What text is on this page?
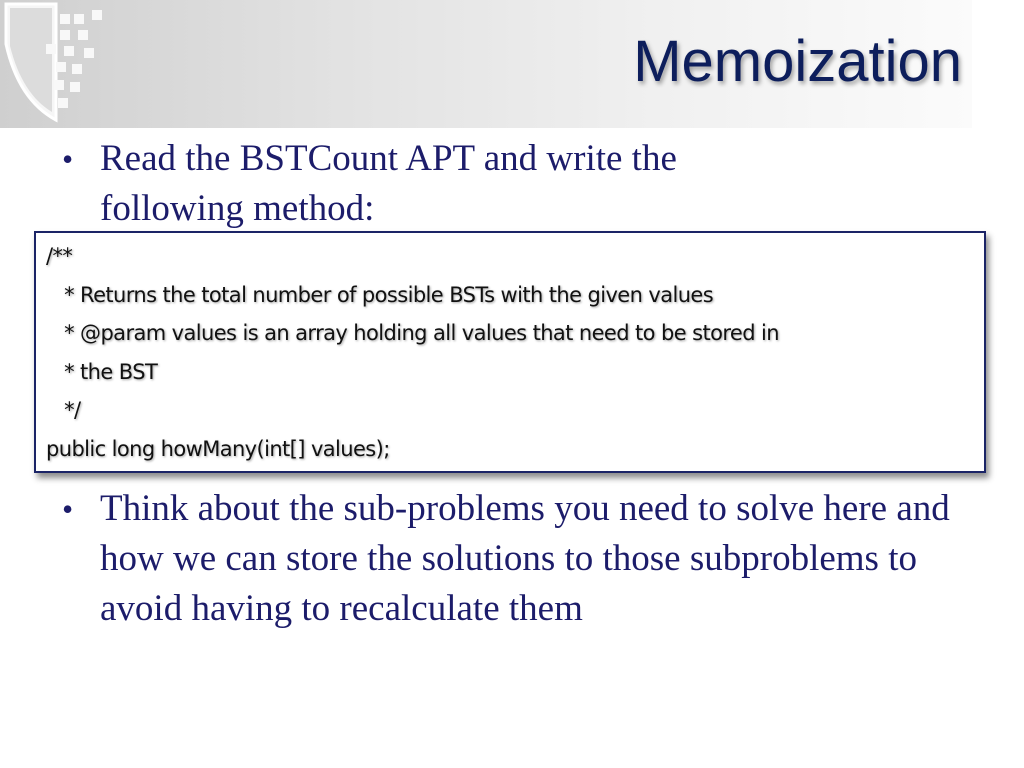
Memoization
• Read the BSTCount APT and write the following method:
/**
* Returns the total number of possible BSTs with the given values
* @param values is an array holding all values that need to be stored in
* the BST
*/
public long howMany(int[] values);
• Think about the sub-problems you need to solve here and how we can store the solutions to those subproblems to avoid having to recalculate them
